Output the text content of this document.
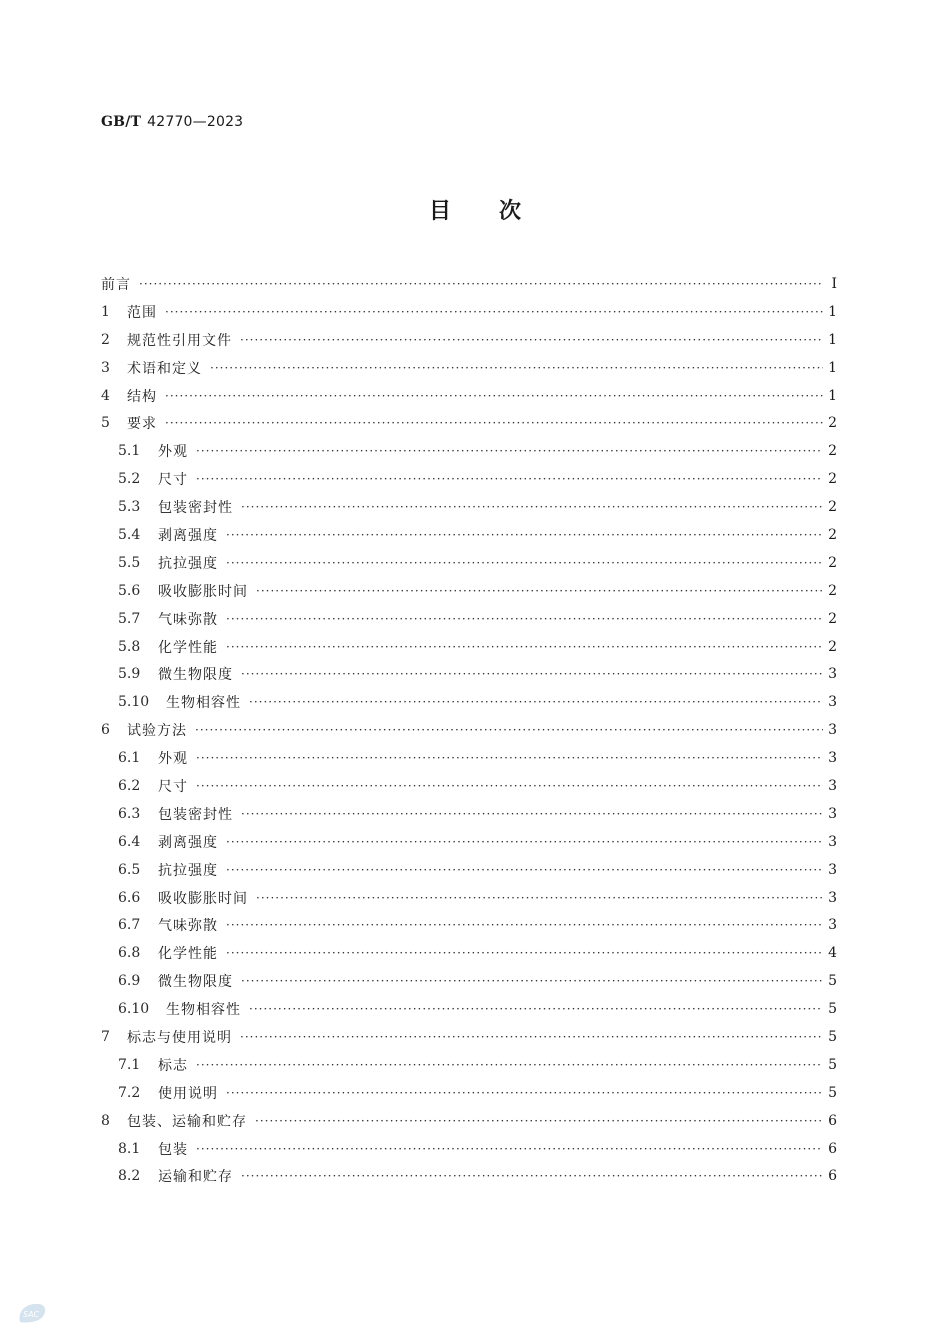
GB/T 42770—2023
目 次
前言 ·····	Ⅰ
1	范围 ·····	1
2	规范性引用文件 ·····	1
3	术语和定义 ·····	1
4	结构 ·····	1
5	要求 ·····	2
5.1	外观 ·····	2
5.2	尺寸 ·····	2
5.3	包装密封性 ·····	2
5.4	剥离强度 ·····	2
5.5	抗拉强度 ·····	2
5.6	吸收膨胀时间 ·····	2
5.7	气味弥散 ·····	2
5.8	化学性能 ·····	2
5.9	微生物限度 ·····	3
5.10	生物相容性 ·····	3
6	试验方法 ·····	3
6.1	外观 ·····	3
6.2	尺寸 ·····	3
6.3	包装密封性 ·····	3
6.4	剥离强度 ·····	3
6.5	抗拉强度 ·····	3
6.6	吸收膨胀时间 ·····	3
6.7	气味弥散 ·····	3
6.8	化学性能 ·····	4
6.9	微生物限度 ·····	5
6.10	生物相容性 ·····	5
7	标志与使用说明 ·····	5
7.1	标志 ·····	5
7.2	使用说明 ·····	5
8	包装、运输和贮存 ·····	6
8.1	包装 ·····	6
8.2	运输和贮存 ·····	6
SAC
